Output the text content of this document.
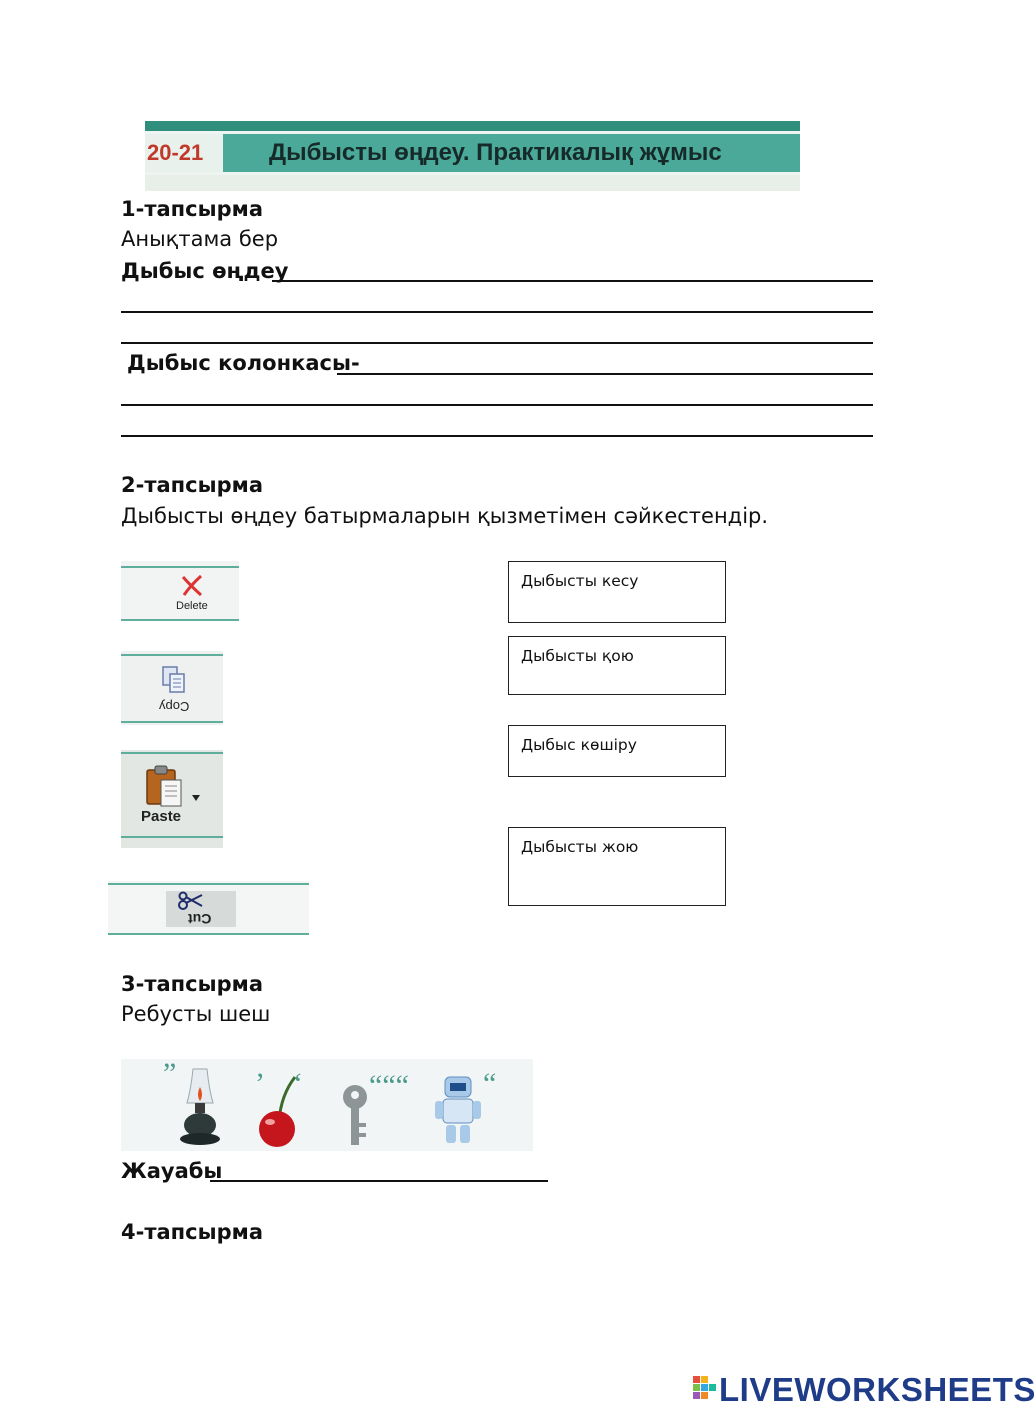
20-21	Дыбысты өңдеу. Практикалық жұмыс
1-тапсырма
Анықтама бер
Дыбыс өңдеу
Дыбыс колонкасы-
2-тапсырма
Дыбысты өңдеу батырмаларын қызметімен сәйкестендір.
Delete
Copy
Paste
Cut
Дыбысты кесу
Дыбысты қою
Дыбыс көшіру
Дыбысты жою
3-тапсырма
Ребусты шеш
”	’ ‘ “““ “
Жауабы
4-тапсырма
LIVEWORKSHEETS
